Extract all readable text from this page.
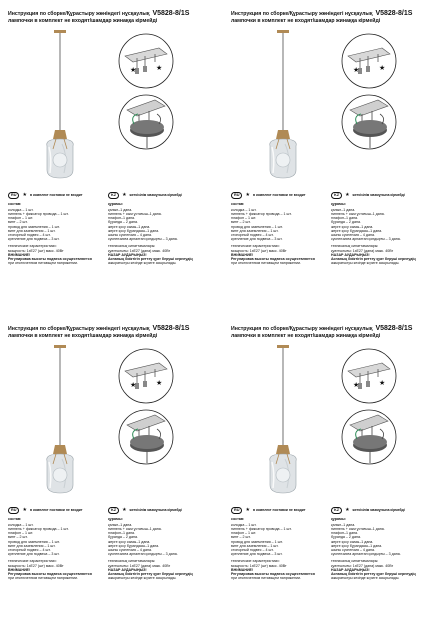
Инструкция по сборке/Құрастыру жөніндегі нұсқаулық V5828-8/1S
лампочки в комплект не входят/шамдар жинаққа кірмейді
★	★
RU	★ в комплект поставки не входит
состав:
колодка – 1 шт.
ниппель + фиксатор провода – 1 шт.
плафон – 1 шт.
винт – 2 шт.
провод для заземления – 1 шт.
винт для заземления – 1 шт.
стопорный подвес – 4 шт.
крепление для подвеса – 3 шт.
технические характеристики:
мощность: 1xE27 (шт) макс. 40Вт
ВНИМАНИЕ!
Регулировка высоты подвеса осуществляется
при отключенном питающем напряжении.
KZ	★ жеткізілім мазмұнына кірмейді
құрамы:
қалып–1 дана.
ниппель + сым ұстағыш–1 дана.
плафон–1 дана.
бұранда – 2 дана.
жерге қосу сымы–1 дана.
жерге қосу бұрандасы–1 дана.
шыны суспензия – 4 дана.
суспензияға арналған қондырғы – 3 дана.
техникалық сипаттамалары:
қуаттылығы: 1xE27 (дана) макс. 40Вт
НАЗАР АУДАРЫҢЫЗ!
Аспаның биіктігін реттеу қуат беруші кернеудің
ажыратылуы кезінде жүзеге асырылады.
Инструкция по сборке/Құрастыру жөніндегі нұсқаулық V5828-8/1S
лампочки в комплект не входят/шамдар жинаққа кірмейді
★	★
RU	★ в комплект поставки не входит
состав:
колодка – 1 шт.
ниппель + фиксатор провода – 1 шт.
плафон – 1 шт.
винт – 2 шт.
провод для заземления – 1 шт.
винт для заземления – 1 шт.
стопорный подвес – 4 шт.
крепление для подвеса – 3 шт.
технические характеристики:
мощность: 1xE27 (шт) макс. 40Вт
ВНИМАНИЕ!
Регулировка высоты подвеса осуществляется
при отключенном питающем напряжении.
KZ	★ жеткізілім мазмұнына кірмейді
құрамы:
қалып–1 дана.
ниппель + сым ұстағыш–1 дана.
плафон–1 дана.
бұранда – 2 дана.
жерге қосу сымы–1 дана.
жерге қосу бұрандасы–1 дана.
шыны суспензия – 4 дана.
суспензияға арналған қондырғы – 3 дана.
техникалық сипаттамалары:
қуаттылығы: 1xE27 (дана) макс. 40Вт
НАЗАР АУДАРЫҢЫЗ!
Аспаның биіктігін реттеу қуат беруші кернеудің
ажыратылуы кезінде жүзеге асырылады.
Инструкция по сборке/Құрастыру жөніндегі нұсқаулық V5828-8/1S
лампочки в комплект не входят/шамдар жинаққа кірмейді
★	★
RU	★ в комплект поставки не входит
состав:
колодка – 1 шт.
ниппель + фиксатор провода – 1 шт.
плафон – 1 шт.
винт – 2 шт.
провод для заземления – 1 шт.
винт для заземления – 1 шт.
стопорный подвес – 4 шт.
крепление для подвеса – 3 шт.
технические характеристики:
мощность: 1xE27 (шт) макс. 40Вт
ВНИМАНИЕ!
Регулировка высоты подвеса осуществляется
при отключенном питающем напряжении.
KZ	★ жеткізілім мазмұнына кірмейді
құрамы:
қалып–1 дана.
ниппель + сым ұстағыш–1 дана.
плафон–1 дана.
бұранда – 2 дана.
жерге қосу сымы–1 дана.
жерге қосу бұрандасы–1 дана.
шыны суспензия – 4 дана.
суспензияға арналған қондырғы – 3 дана.
техникалық сипаттамалары:
қуаттылығы: 1xE27 (дана) макс. 40Вт
НАЗАР АУДАРЫҢЫЗ!
Аспаның биіктігін реттеу қуат беруші кернеудің
ажыратылуы кезінде жүзеге асырылады.
Инструкция по сборке/Құрастыру жөніндегі нұсқаулық V5828-8/1S
лампочки в комплект не входят/шамдар жинаққа кірмейді
★	★
RU	★ в комплект поставки не входит
состав:
колодка – 1 шт.
ниппель + фиксатор провода – 1 шт.
плафон – 1 шт.
винт – 2 шт.
провод для заземления – 1 шт.
винт для заземления – 1 шт.
стопорный подвес – 4 шт.
крепление для подвеса – 3 шт.
технические характеристики:
мощность: 1xE27 (шт) макс. 40Вт
ВНИМАНИЕ!
Регулировка высоты подвеса осуществляется
при отключенном питающем напряжении.
KZ	★ жеткізілім мазмұнына кірмейді
құрамы:
қалып–1 дана.
ниппель + сым ұстағыш–1 дана.
плафон–1 дана.
бұранда – 2 дана.
жерге қосу сымы–1 дана.
жерге қосу бұрандасы–1 дана.
шыны суспензия – 4 дана.
суспензияға арналған қондырғы – 3 дана.
техникалық сипаттамалары:
қуаттылығы: 1xE27 (дана) макс. 40Вт
НАЗАР АУДАРЫҢЫЗ!
Аспаның биіктігін реттеу қуат беруші кернеудің
ажыратылуы кезінде жүзеге асырылады.
